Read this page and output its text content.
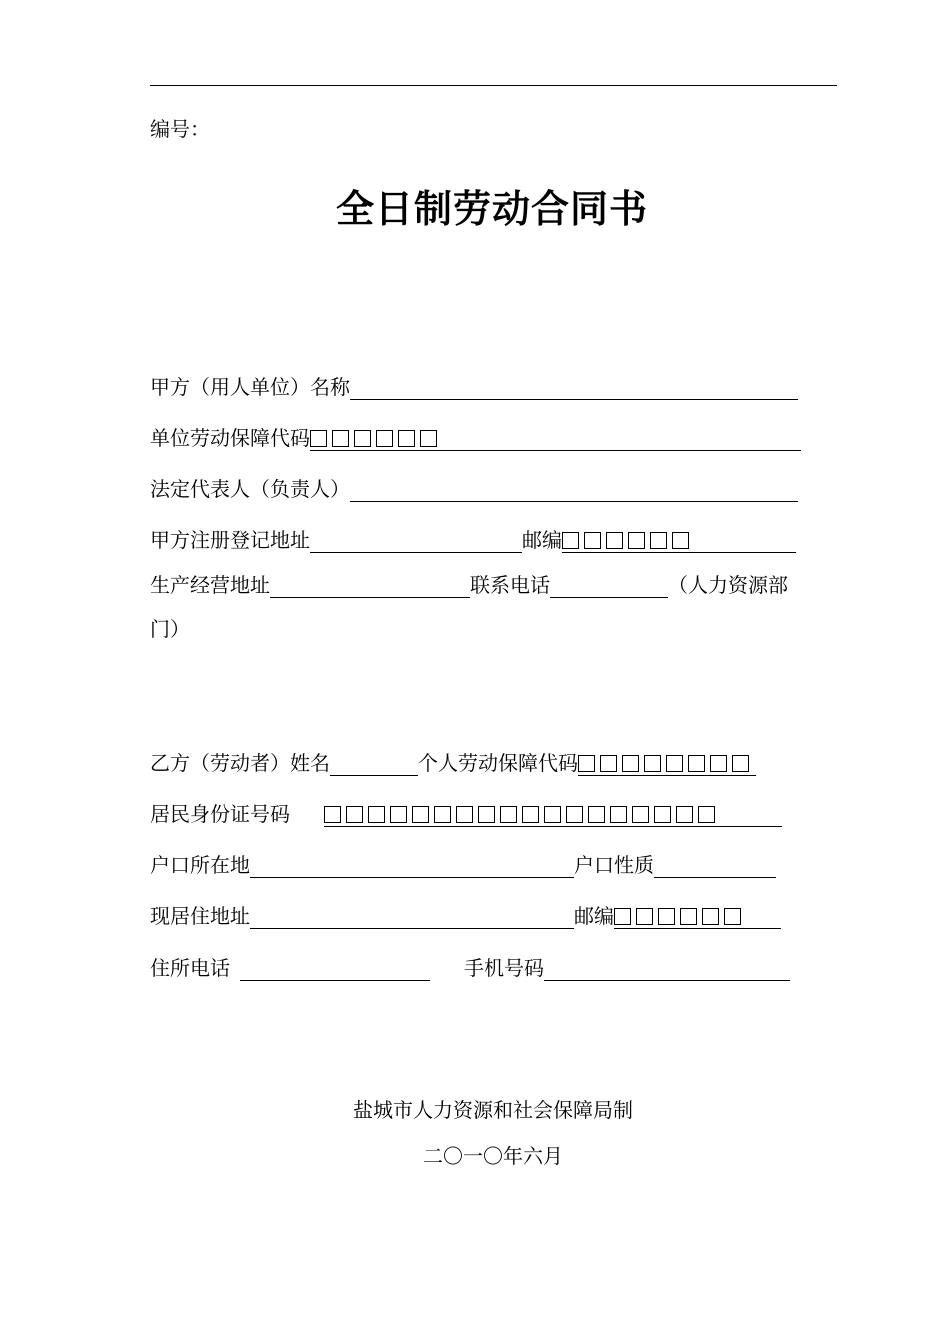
编号：
全日制劳动合同书
甲方（用人单位）名称
单位劳动保障代码
法定代表人（负责人）
甲方注册登记地址	邮编
生产经营地址	联系电话	（人力资源部
门）
乙方（劳动者）姓名	个人劳动保障代码
居民身份证号码
户口所在地	户口性质
现居住地址	邮编
住所电话	手机号码
盐城市人力资源和社会保障局制
二〇一〇年六月
